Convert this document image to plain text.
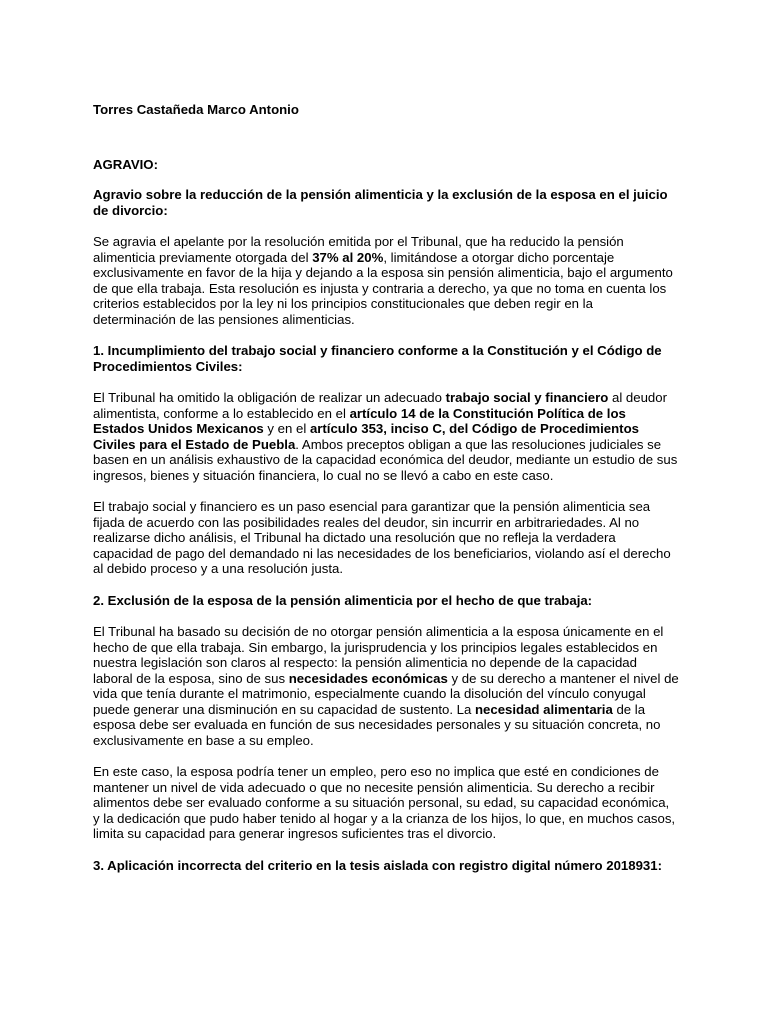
Torres Castañeda Marco Antonio
AGRAVIO:
Agravio sobre la reducción de la pensión alimenticia y la exclusión de la esposa en el juicio de divorcio:

Se agravia el apelante por la resolución emitida por el Tribunal, que ha reducido la pensión alimenticia previamente otorgada del 37% al 20%, limitándose a otorgar dicho porcentaje exclusivamente en favor de la hija y dejando a la esposa sin pensión alimenticia, bajo el argumento de que ella trabaja. Esta resolución es injusta y contraria a derecho, ya que no toma en cuenta los criterios establecidos por la ley ni los principios constitucionales que deben regir en la determinación de las pensiones alimenticias.

1. Incumplimiento del trabajo social y financiero conforme a la Constitución y el Código de Procedimientos Civiles:

El Tribunal ha omitido la obligación de realizar un adecuado trabajo social y financiero al deudor alimentista, conforme a lo establecido en el artículo 14 de la Constitución Política de los Estados Unidos Mexicanos y en el artículo 353, inciso C, del Código de Procedimientos Civiles para el Estado de Puebla. Ambos preceptos obligan a que las resoluciones judiciales se basen en un análisis exhaustivo de la capacidad económica del deudor, mediante un estudio de sus ingresos, bienes y situación financiera, lo cual no se llevó a cabo en este caso.

El trabajo social y financiero es un paso esencial para garantizar que la pensión alimenticia sea fijada de acuerdo con las posibilidades reales del deudor, sin incurrir en arbitrariedades. Al no realizarse dicho análisis, el Tribunal ha dictado una resolución que no refleja la verdadera capacidad de pago del demandado ni las necesidades de los beneficiarios, violando así el derecho al debido proceso y a una resolución justa.

2. Exclusión de la esposa de la pensión alimenticia por el hecho de que trabaja:

El Tribunal ha basado su decisión de no otorgar pensión alimenticia a la esposa únicamente en el hecho de que ella trabaja. Sin embargo, la jurisprudencia y los principios legales establecidos en nuestra legislación son claros al respecto: la pensión alimenticia no depende de la capacidad laboral de la esposa, sino de sus necesidades económicas y de su derecho a mantener el nivel de vida que tenía durante el matrimonio, especialmente cuando la disolución del vínculo conyugal puede generar una disminución en su capacidad de sustento. La necesidad alimentaria de la esposa debe ser evaluada en función de sus necesidades personales y su situación concreta, no exclusivamente en base a su empleo.

En este caso, la esposa podría tener un empleo, pero eso no implica que esté en condiciones de mantener un nivel de vida adecuado o que no necesite pensión alimenticia. Su derecho a recibir alimentos debe ser evaluado conforme a su situación personal, su edad, su capacidad económica, y la dedicación que pudo haber tenido al hogar y a la crianza de los hijos, lo que, en muchos casos, limita su capacidad para generar ingresos suficientes tras el divorcio.

3. Aplicación incorrecta del criterio en la tesis aislada con registro digital número 2018931:
